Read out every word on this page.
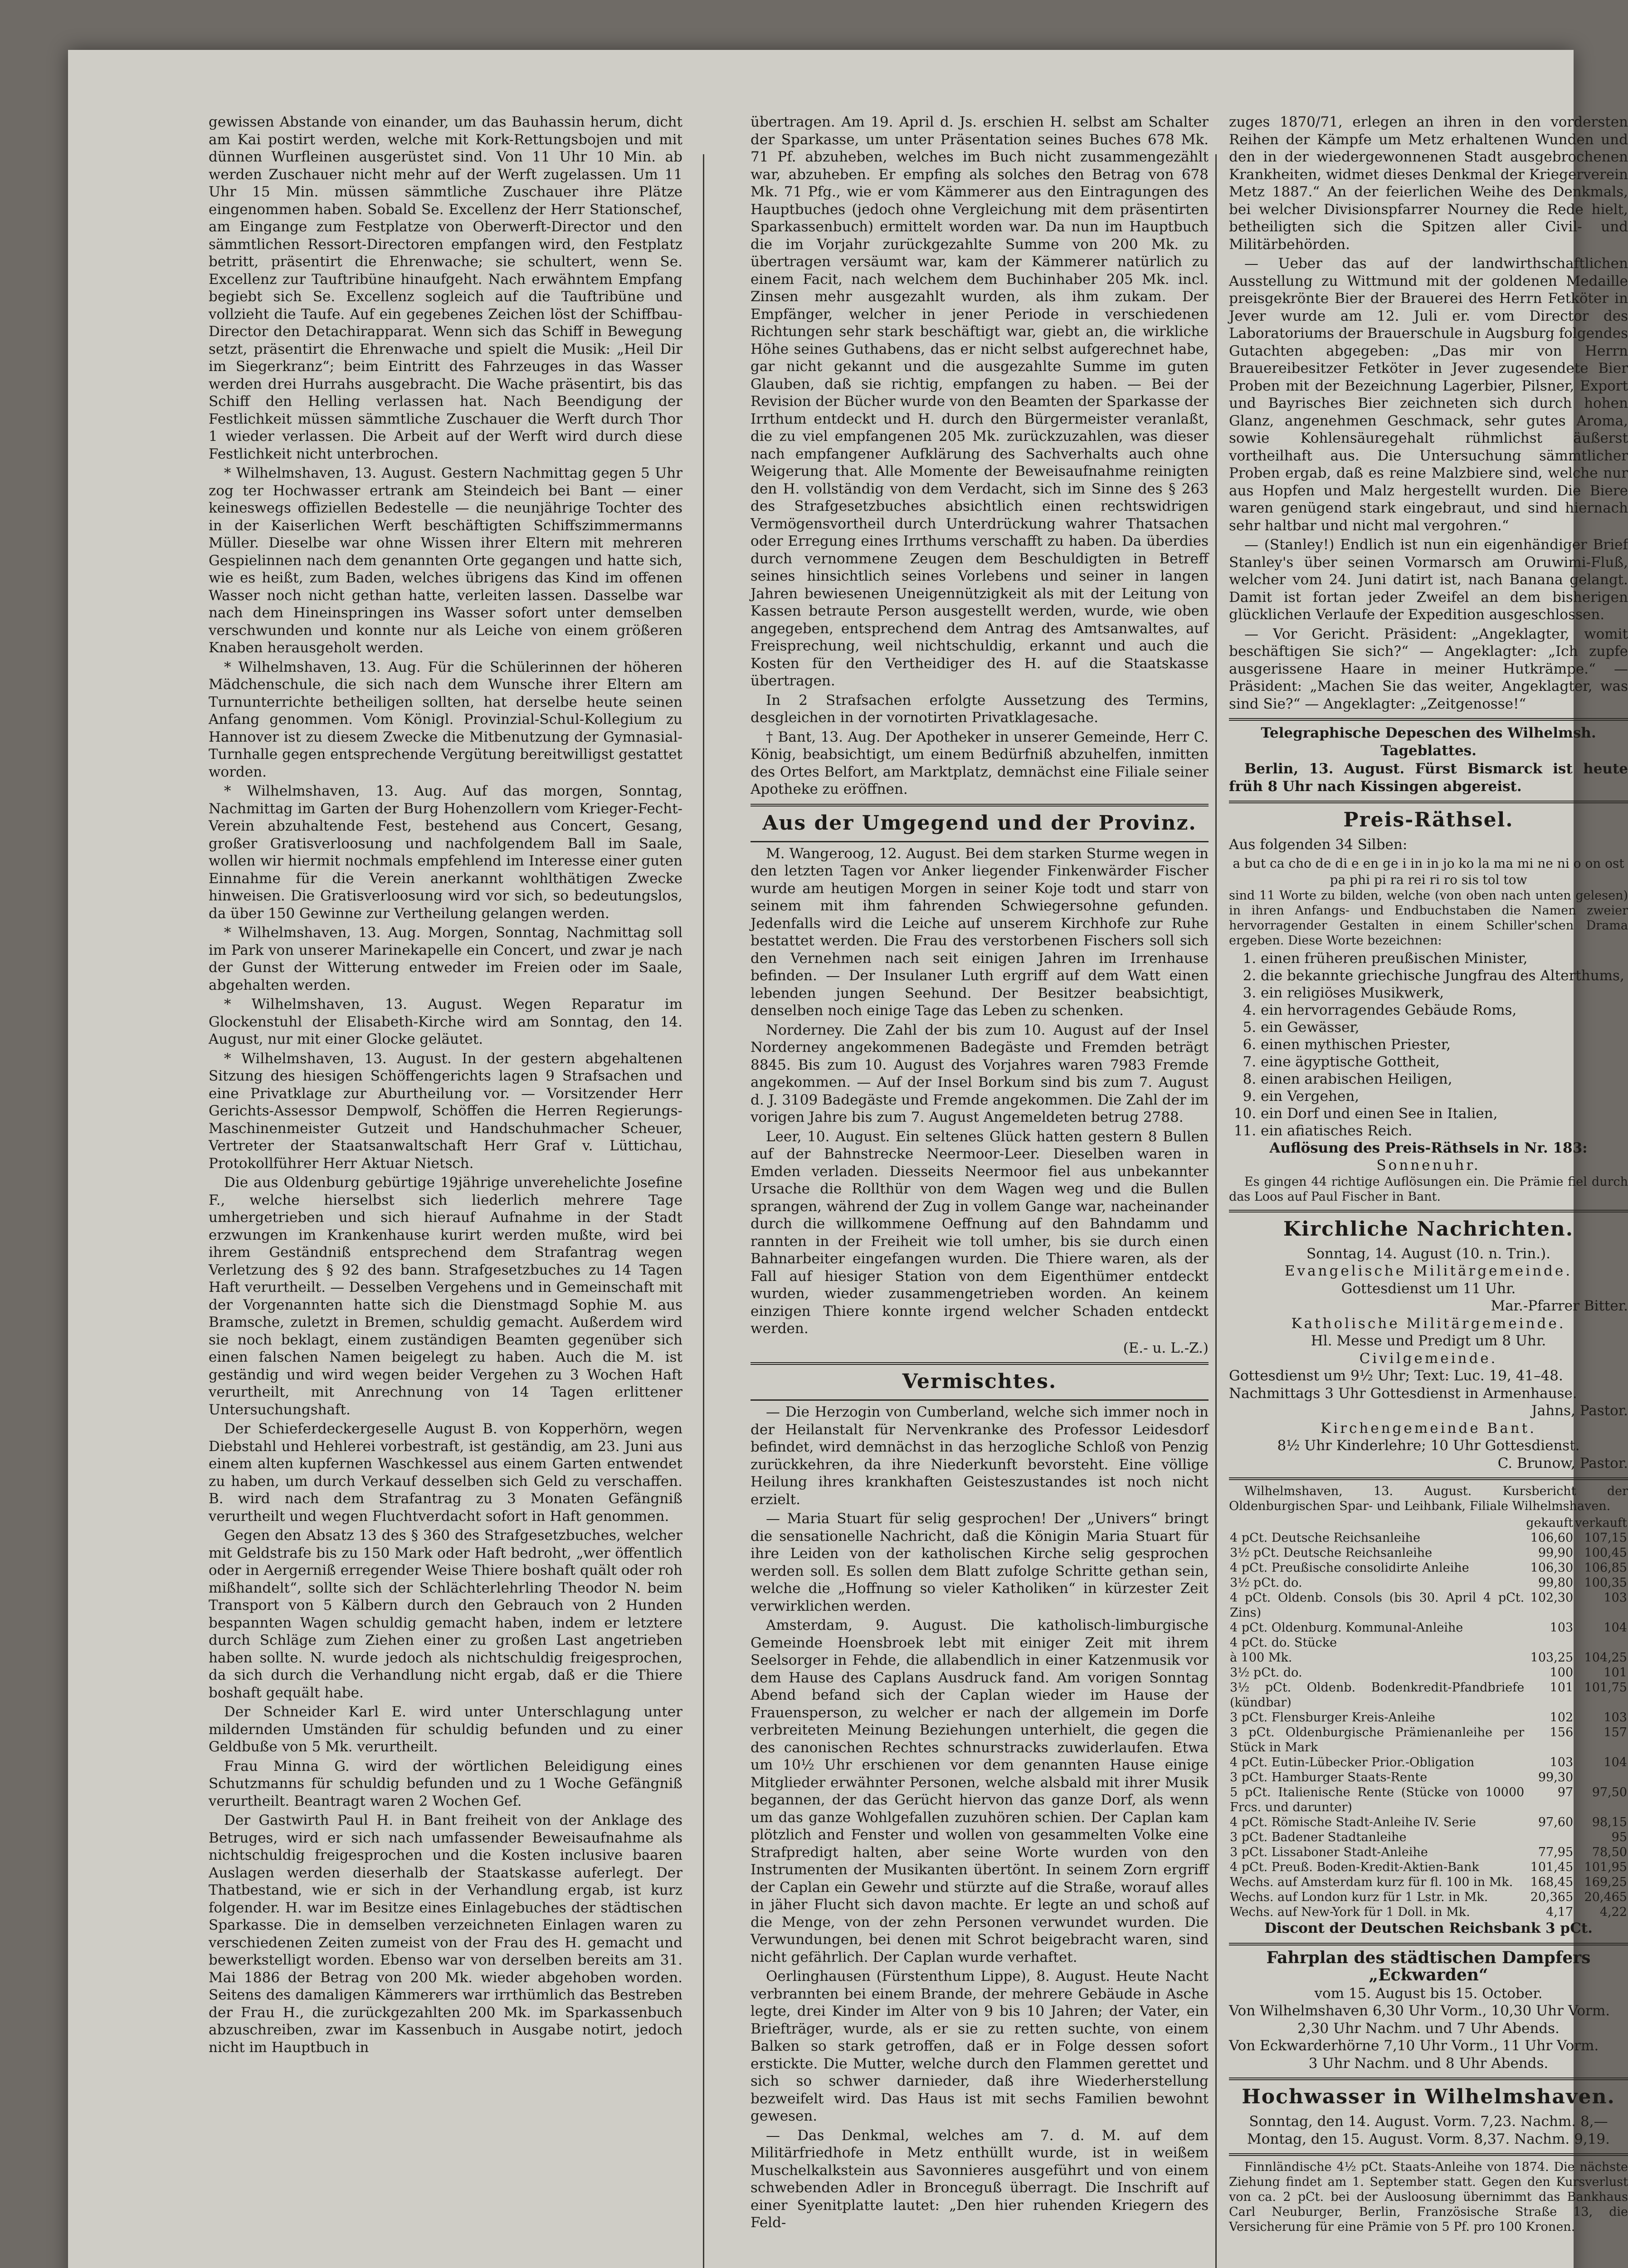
gewissen Abstande von einander, um das Bauhassin herum, dicht am Kai postirt werden, welche mit Kork-Rettungsbojen und mit dünnen Wurfleinen ausgerüstet sind. Von 11 Uhr 10 Min. ab werden Zuschauer nicht mehr auf der Werft zugelassen. Um 11 Uhr 15 Min. müssen sämmtliche Zuschauer ihre Plätze eingenommen haben. Sobald Se. Excellenz der Herr Stationschef, am Eingange zum Festplatze von Oberwerft-Director und den sämmtlichen Ressort-Directoren empfangen wird, den Festplatz betritt, präsentirt die Ehrenwache; sie schultert, wenn Se. Excellenz zur Tauftribüne hinaufgeht. Nach erwähntem Empfang begiebt sich Se. Excellenz sogleich auf die Tauftribüne und vollzieht die Taufe. Auf ein gegebenes Zeichen löst der Schiffbau-Director den Detachirapparat. Wenn sich das Schiff in Bewegung setzt, präsentirt die Ehrenwache und spielt die Musik: „Heil Dir im Siegerkranz“; beim Eintritt des Fahrzeuges in das Wasser werden drei Hurrahs ausgebracht. Die Wache präsentirt, bis das Schiff den Helling verlassen hat. Nach Beendigung der Festlichkeit müssen sämmtliche Zuschauer die Werft durch Thor 1 wieder verlassen. Die Arbeit auf der Werft wird durch diese Festlichkeit nicht unterbrochen.

* Wilhelmshaven, 13. August. Gestern Nachmittag gegen 5 Uhr zog ter Hochwasser ertrank am Steindeich bei Bant — einer keineswegs offiziellen Bedestelle — die neunjährige Tochter des in der Kaiserlichen Werft beschäftigten Schiffszimmermanns Müller. Dieselbe war ohne Wissen ihrer Eltern mit mehreren Gespielinnen nach dem genannten Orte gegangen und hatte sich, wie es heißt, zum Baden, welches übrigens das Kind im offenen Wasser noch nicht gethan hatte, verleiten lassen. Dasselbe war nach dem Hineinspringen ins Wasser sofort unter demselben verschwunden und konnte nur als Leiche von einem größeren Knaben herausgeholt werden.

* Wilhelmshaven, 13. Aug. Für die Schülerinnen der höheren Mädchenschule, die sich nach dem Wunsche ihrer Eltern am Turnunterrichte betheiligen sollten, hat derselbe heute seinen Anfang genommen. Vom Königl. Provinzial-Schul-Kollegium zu Hannover ist zu diesem Zwecke die Mitbenutzung der Gymnasial-Turnhalle gegen entsprechende Vergütung bereitwilligst gestattet worden.

* Wilhelmshaven, 13. Aug. Auf das morgen, Sonntag, Nachmittag im Garten der Burg Hohenzollern vom Krieger-Fecht-Verein abzuhaltende Fest, bestehend aus Concert, Gesang, großer Gratisverloosung und nachfolgendem Ball im Saale, wollen wir hiermit nochmals empfehlend im Interesse einer guten Einnahme für die Verein anerkannt wohlthätigen Zwecke hinweisen. Die Gratisverloosung wird vor sich, so bedeutungslos, da über 150 Gewinne zur Vertheilung gelangen werden.

* Wilhelmshaven, 13. Aug. Morgen, Sonntag, Nachmittag soll im Park von unserer Marinekapelle ein Concert, und zwar je nach der Gunst der Witterung entweder im Freien oder im Saale, abgehalten werden.

* Wilhelmshaven, 13. August. Wegen Reparatur im Glockenstuhl der Elisabeth-Kirche wird am Sonntag, den 14. August, nur mit einer Glocke geläutet.

* Wilhelmshaven, 13. August. In der gestern abgehaltenen Sitzung des hiesigen Schöffengerichts lagen 9 Strafsachen und eine Privatklage zur Aburtheilung vor. — Vorsitzender Herr Gerichts-Assessor Dempwolf, Schöffen die Herren Regierungs-Maschinenmeister Gutzeit und Handschuhmacher Scheuer, Vertreter der Staatsanwaltschaft Herr Graf v. Lüttichau, Protokollführer Herr Aktuar Nietsch.

Die aus Oldenburg gebürtige 19jährige unverehelichte Josefine F., welche hierselbst sich liederlich mehrere Tage umhergetrieben und sich hierauf Aufnahme in der Stadt erzwungen im Krankenhause kurirt werden mußte, wird bei ihrem Geständniß entsprechend dem Strafantrag wegen Verletzung des § 92 des bann. Strafgesetzbuches zu 14 Tagen Haft verurtheilt. — Desselben Vergehens und in Gemeinschaft mit der Vorgenannten hatte sich die Dienstmagd Sophie M. aus Bramsche, zuletzt in Bremen, schuldig gemacht. Außerdem wird sie noch beklagt, einem zuständigen Beamten gegenüber sich einen falschen Namen beigelegt zu haben. Auch die M. ist geständig und wird wegen beider Vergehen zu 3 Wochen Haft verurtheilt, mit Anrechnung von 14 Tagen erlittener Untersuchungshaft.

Der Schieferdeckergeselle August B. von Kopperhörn, wegen Diebstahl und Hehlerei vorbestraft, ist geständig, am 23. Juni aus einem alten kupfernen Waschkessel aus einem Garten entwendet zu haben, um durch Verkauf desselben sich Geld zu verschaffen. B. wird nach dem Strafantrag zu 3 Monaten Gefängniß verurtheilt und wegen Fluchtverdacht sofort in Haft genommen.

Gegen den Absatz 13 des § 360 des Strafgesetzbuches, welcher mit Geldstrafe bis zu 150 Mark oder Haft bedroht, „wer öffentlich oder in Aergerniß erregender Weise Thiere boshaft quält oder roh mißhandelt“, sollte sich der Schlächterlehrling Theodor N. beim Transport von 5 Kälbern durch den Gebrauch von 2 Hunden bespannten Wagen schuldig gemacht haben, indem er letztere durch Schläge zum Ziehen einer zu großen Last angetrieben haben sollte. N. wurde jedoch als nichtschuldig freigesprochen, da sich durch die Verhandlung nicht ergab, daß er die Thiere boshaft gequält habe.

Der Schneider Karl E. wird unter Unterschlagung unter mildernden Umständen für schuldig befunden und zu einer Geldbuße von 5 Mk. verurtheilt.

Frau Minna G. wird der wörtlichen Beleidigung eines Schutzmanns für schuldig befunden und zu 1 Woche Gefängniß verurtheilt. Beantragt waren 2 Wochen Gef.

Der Gastwirth Paul H. in Bant freiheit von der Anklage des Betruges, wird er sich nach umfassender Beweisaufnahme als nichtschuldig freigesprochen und die Kosten inclusive baaren Auslagen werden dieserhalb der Staatskasse auferlegt. Der Thatbestand, wie er sich in der Verhandlung ergab, ist kurz folgender. H. war im Besitze eines Einlagebuches der städtischen Sparkasse. Die in demselben verzeichneten Einlagen waren zu verschiedenen Zeiten zumeist von der Frau des H. gemacht und bewerkstelligt worden. Ebenso war von derselben bereits am 31. Mai 1886 der Betrag von 200 Mk. wieder abgehoben worden. Seitens des damaligen Kämmerers war irrthümlich das Bestreben der Frau H., die zurückgezahlten 200 Mk. im Sparkassenbuch abzuschreiben, zwar im Kassenbuch in Ausgabe notirt, jedoch nicht im Hauptbuch in

übertragen. Am 19. April d. Js. erschien H. selbst am Schalter der Sparkasse, um unter Präsentation seines Buches 678 Mk. 71 Pf. abzuheben, welches im Buch nicht zusammengezählt war, abzuheben. Er empfing als solches den Betrag von 678 Mk. 71 Pfg., wie er vom Kämmerer aus den Eintragungen des Hauptbuches (jedoch ohne Vergleichung mit dem präsentirten Sparkassenbuch) ermittelt worden war. Da nun im Hauptbuch die im Vorjahr zurückgezahlte Summe von 200 Mk. zu übertragen versäumt war, kam der Kämmerer natürlich zu einem Facit, nach welchem dem Buchinhaber 205 Mk. incl. Zinsen mehr ausgezahlt wurden, als ihm zukam. Der Empfänger, welcher in jener Periode in verschiedenen Richtungen sehr stark beschäftigt war, giebt an, die wirkliche Höhe seines Guthabens, das er nicht selbst aufgerechnet habe, gar nicht gekannt und die ausgezahlte Summe im guten Glauben, daß sie richtig, empfangen zu haben. — Bei der Revision der Bücher wurde von den Beamten der Sparkasse der Irrthum entdeckt und H. durch den Bürgermeister veranlaßt, die zu viel empfangenen 205 Mk. zurückzuzahlen, was dieser nach empfangener Aufklärung des Sachverhalts auch ohne Weigerung that. Alle Momente der Beweisaufnahme reinigten den H. vollständig von dem Verdacht, sich im Sinne des § 263 des Strafgesetzbuches absichtlich einen rechtswidrigen Vermögensvortheil durch Unterdrückung wahrer Thatsachen oder Erregung eines Irrthums verschafft zu haben. Da überdies durch vernommene Zeugen dem Beschuldigten in Betreff seines hinsichtlich seines Vorlebens und seiner in langen Jahren bewiesenen Uneigennützigkeit als mit der Leitung von Kassen betraute Person ausgestellt werden, wurde, wie oben angegeben, entsprechend dem Antrag des Amtsanwaltes, auf Freisprechung, weil nichtschuldig, erkannt und auch die Kosten für den Vertheidiger des H. auf die Staatskasse übertragen.

In 2 Strafsachen erfolgte Aussetzung des Termins, desgleichen in der vornotirten Privatklagesache.

† Bant, 13. Aug. Der Apotheker in unserer Gemeinde, Herr C. König, beabsichtigt, um einem Bedürfniß abzuhelfen, inmitten des Ortes Belfort, am Marktplatz, demnächst eine Filiale seiner Apotheke zu eröffnen.

Aus der Umgegend und der Provinz.

M. Wangeroog, 12. August. Bei dem starken Sturme wegen in den letzten Tagen vor Anker liegender Finkenwärder Fischer wurde am heutigen Morgen in seiner Koje todt und starr von seinem mit ihm fahrenden Schwiegersohne gefunden. Jedenfalls wird die Leiche auf unserem Kirchhofe zur Ruhe bestattet werden. Die Frau des verstorbenen Fischers soll sich den Vernehmen nach seit einigen Jahren im Irrenhause befinden. — Der Insulaner Luth ergriff auf dem Watt einen lebenden jungen Seehund. Der Besitzer beabsichtigt, denselben noch einige Tage das Leben zu schenken.

Norderney. Die Zahl der bis zum 10. August auf der Insel Norderney angekommenen Badegäste und Fremden beträgt 8845. Bis zum 10. August des Vorjahres waren 7983 Fremde angekommen. — Auf der Insel Borkum sind bis zum 7. August d. J. 3109 Badegäste und Fremde angekommen. Die Zahl der im vorigen Jahre bis zum 7. August Angemeldeten betrug 2788.

Leer, 10. August. Ein seltenes Glück hatten gestern 8 Bullen auf der Bahnstrecke Neermoor-Leer. Dieselben waren in Emden verladen. Diesseits Neermoor fiel aus unbekannter Ursache die Rollthür von dem Wagen weg und die Bullen sprangen, während der Zug in vollem Gange war, nacheinander durch die willkommene Oeffnung auf den Bahndamm und rannten in der Freiheit wie toll umher, bis sie durch einen Bahnarbeiter eingefangen wurden. Die Thiere waren, als der Fall auf hiesiger Station von dem Eigenthümer entdeckt wurden, wieder zusammengetrieben worden. An keinem einzigen Thiere konnte irgend welcher Schaden entdeckt werden.

(E.- u. L.-Z.)
Vermischtes.

— Die Herzogin von Cumberland, welche sich immer noch in der Heilanstalt für Nervenkranke des Professor Leidesdorf befindet, wird demnächst in das herzogliche Schloß von Penzig zurückkehren, da ihre Niederkunft bevorsteht. Eine völlige Heilung ihres krankhaften Geisteszustandes ist noch nicht erzielt.

— Maria Stuart für selig gesprochen! Der „Univers“ bringt die sensationelle Nachricht, daß die Königin Maria Stuart für ihre Leiden von der katholischen Kirche selig gesprochen werden soll. Es sollen dem Blatt zufolge Schritte gethan sein, welche die „Hoffnung so vieler Katholiken“ in kürzester Zeit verwirklichen werden.

Amsterdam, 9. August. Die katholisch-limburgische Gemeinde Hoensbroek lebt mit einiger Zeit mit ihrem Seelsorger in Fehde, die allabendlich in einer Katzenmusik vor dem Hause des Caplans Ausdruck fand. Am vorigen Sonntag Abend befand sich der Caplan wieder im Hause der Frauensperson, zu welcher er nach der allgemein im Dorfe verbreiteten Meinung Beziehungen unterhielt, die gegen die des canonischen Rechtes schnurstracks zuwiderlaufen. Etwa um 10½ Uhr erschienen vor dem genannten Hause einige Mitglieder erwähnter Personen, welche alsbald mit ihrer Musik begannen, der das Gerücht hiervon das ganze Dorf, als wenn um das ganze Wohlgefallen zuzuhören schien. Der Caplan kam plötzlich and Fenster und wollen von gesammelten Volke eine Strafpredigt halten, aber seine Worte wurden von den Instrumenten der Musikanten übertönt. In seinem Zorn ergriff der Caplan ein Gewehr und stürzte auf die Straße, worauf alles in jäher Flucht sich davon machte. Er legte an und schoß auf die Menge, von der zehn Personen verwundet wurden. Die Verwundungen, bei denen mit Schrot beigebracht waren, sind nicht gefährlich. Der Caplan wurde verhaftet.

Oerlinghausen (Fürstenthum Lippe), 8. August. Heute Nacht verbrannten bei einem Brande, der mehrere Gebäude in Asche legte, drei Kinder im Alter von 9 bis 10 Jahren; der Vater, ein Briefträger, wurde, als er sie zu retten suchte, von einem Balken so stark getroffen, daß er in Folge dessen sofort erstickte. Die Mutter, welche durch den Flammen gerettet und sich so schwer darnieder, daß ihre Wiederherstellung bezweifelt wird. Das Haus ist mit sechs Familien bewohnt gewesen.

— Das Denkmal, welches am 7. d. M. auf dem Militärfriedhofe in Metz enthüllt wurde, ist in weißem Muschelkalkstein aus Savonnieres ausgeführt und von einem schwebenden Adler in Bronceguß überragt. Die Inschrift auf einer Syenitplatte lautet: „Den hier ruhenden Kriegern des Feld-

zuges 1870/71, erlegen an ihren in den vordersten Reihen der Kämpfe um Metz erhaltenen Wunden und den in der wiedergewonnenen Stadt ausgebrochenen Krankheiten, widmet dieses Denkmal der Kriegerverein Metz 1887.“ An der feierlichen Weihe des Denkmals, bei welcher Divisionspfarrer Nourney die Rede hielt, betheiligten sich die Spitzen aller Civil- und Militärbehörden.

— Ueber das auf der landwirthschaftlichen Ausstellung zu Wittmund mit der goldenen Medaille preisgekrönte Bier der Brauerei des Herrn Fetköter in Jever wurde am 12. Juli er. vom Director des Laboratoriums der Brauerschule in Augsburg folgendes Gutachten abgegeben: „Das mir von Herrn Brauereibesitzer Fetköter in Jever zugesendete Bier Proben mit der Bezeichnung Lagerbier, Pilsner, Export und Bayrisches Bier zeichneten sich durch hohen Glanz, angenehmen Geschmack, sehr gutes Aroma, sowie Kohlensäuregehalt rühmlichst äußerst vortheilhaft aus. Die Untersuchung sämmtlicher Proben ergab, daß es reine Malzbiere sind, welche nur aus Hopfen und Malz hergestellt wurden. Die Biere waren genügend stark eingebraut, und sind hiernach sehr haltbar und nicht mal vergohren.“

— (Stanley!) Endlich ist nun ein eigenhändiger Brief Stanley's über seinen Vormarsch am Oruwimi-Fluß, welcher vom 24. Juni datirt ist, nach Banana gelangt. Damit ist fortan jeder Zweifel an dem bisherigen glücklichen Verlaufe der Expedition ausgeschlossen.

— Vor Gericht. Präsident: „Angeklagter, womit beschäftigen Sie sich?“ — Angeklagter: „Ich zupfe ausgerissene Haare in meiner Hutkrämpe.“ — Präsident: „Machen Sie das weiter, Angeklagter, was sind Sie?“ — Angeklagter: „Zeitgenosse!“

Telegraphische Depeschen des Wilhelmsh. Tageblattes.

Berlin, 13. August. Fürst Bismarck ist heute früh 8 Uhr nach Kissingen abgereist.

Preis-Räthsel.

Aus folgenden 34 Silben:

a but ca cho de di e en ge i in in jo ko la ma mi ne ni o on ost pa phi pi ra rei ri ro sis tol tow

sind 11 Worte zu bilden, welche (von oben nach unten gelesen) in ihren Anfangs- und Endbuchstaben die Namen zweier hervorragender Gestalten in einem Schiller'schen Drama ergeben. Diese Worte bezeichnen:

1. einen früheren preußischen Minister,
2. die bekannte griechische Jungfrau des Alterthums,
3. ein religiöses Musikwerk,
4. ein hervorragendes Gebäude Roms,
5. ein Gewässer,
6. einen mythischen Priester,
7. eine ägyptische Gottheit,
8. einen arabischen Heiligen,
9. ein Vergehen,
10. ein Dorf und einen See in Italien,
11. ein afiatisches Reich.
Auflösung des Preis-Räthsels in Nr. 183:
Sonnenuhr.

Es gingen 44 richtige Auflösungen ein. Die Prämie fiel durch das Loos auf Paul Fischer in Bant.

Kirchliche Nachrichten.
Sonntag, 14. August (10. n. Trin.).
Evangelische Militärgemeinde.
Gottesdienst um 11 Uhr.
Mar.-Pfarrer Bitter.
Katholische Militärgemeinde.
Hl. Messe und Predigt um 8 Uhr.
Civilgemeinde.
Gottesdienst um 9½ Uhr; Text: Luc. 19, 41–48.
Nachmittags 3 Uhr Gottesdienst in Armenhause.
Jahns, Pastor.
Kirchengemeinde Bant.
8½ Uhr Kinderlehre; 10 Uhr Gottesdienst.
C. Brunow, Pastor.

Wilhelmshaven, 13. August. Kursbericht der Oldenburgischen Spar- und Leihbank, Filiale Wilhelmshaven.

	gekauft	verkauft
4 pCt. Deutsche Reichsanleihe	106,60	107,15
3½ pCt. Deutsche Reichsanleihe	99,90	100,45
4 pCt. Preußische consolidirte Anleihe	106,30	106,85
3½ pCt. do.	99,80	100,35
4 pCt. Oldenb. Consols (bis 30. April 4 pCt. Zins)	102,30	103
4 pCt. Oldenburg. Kommunal-Anleihe	103	104
4 pCt. do. Stücke		
à 100 Mk.	103,25	104,25
3½ pCt. do.	100	101
3½ pCt. Oldenb. Bodenkredit-Pfandbriefe (kündbar)	101	101,75
3 pCt. Flensburger Kreis-Anleihe	102	103
3 pCt. Oldenburgische Prämienanleihe per Stück in Mark	156	157
4 pCt. Eutin-Lübecker Prior.-Obligation	103	104
3 pCt. Hamburger Staats-Rente	99,30	
5 pCt. Italienische Rente (Stücke von 10000 Frcs. und darunter)	97	97,50
4 pCt. Römische Stadt-Anleihe IV. Serie	97,60	98,15
3 pCt. Badener Stadtanleihe		95
3 pCt. Lissaboner Stadt-Anleihe	77,95	78,50
4 pCt. Preuß. Boden-Kredit-Aktien-Bank	101,45	101,95
Wechs. auf Amsterdam kurz für fl. 100 in Mk.	168,45	169,25
Wechs. auf London kurz für 1 Lstr. in Mk.	20,365	20,465
Wechs. auf New-York für 1 Doll. in Mk.	4,17	4,22
Discont der Deutschen Reichsbank 3 pCt.
Fahrplan des städtischen Dampfers „Eckwarden“
vom 15. August bis 15. October.
Von Wilhelmshaven 6,30 Uhr Vorm., 10,30 Uhr Vorm.
2,30 Uhr Nachm. und 7 Uhr Abends.
Von Eckwarderhörne 7,10 Uhr Vorm., 11 Uhr Vorm.
3 Uhr Nachm. und 8 Uhr Abends.
Hochwasser in Wilhelmshaven.
Sonntag, den 14. August. Vorm. 7,23. Nachm. 8,—
Montag, den 15. August. Vorm. 8,37. Nachm. 9,19.

Finnländische 4½ pCt. Staats-Anleihe von 1874. Die nächste Ziehung findet am 1. September statt. Gegen den Kursverlust von ca. 2 pCt. bei der Ausloosung übernimmt das Bankhaus Carl Neuburger, Berlin, Französische Straße 13, die Versicherung für eine Prämie von 5 Pf. pro 100 Kronen.
